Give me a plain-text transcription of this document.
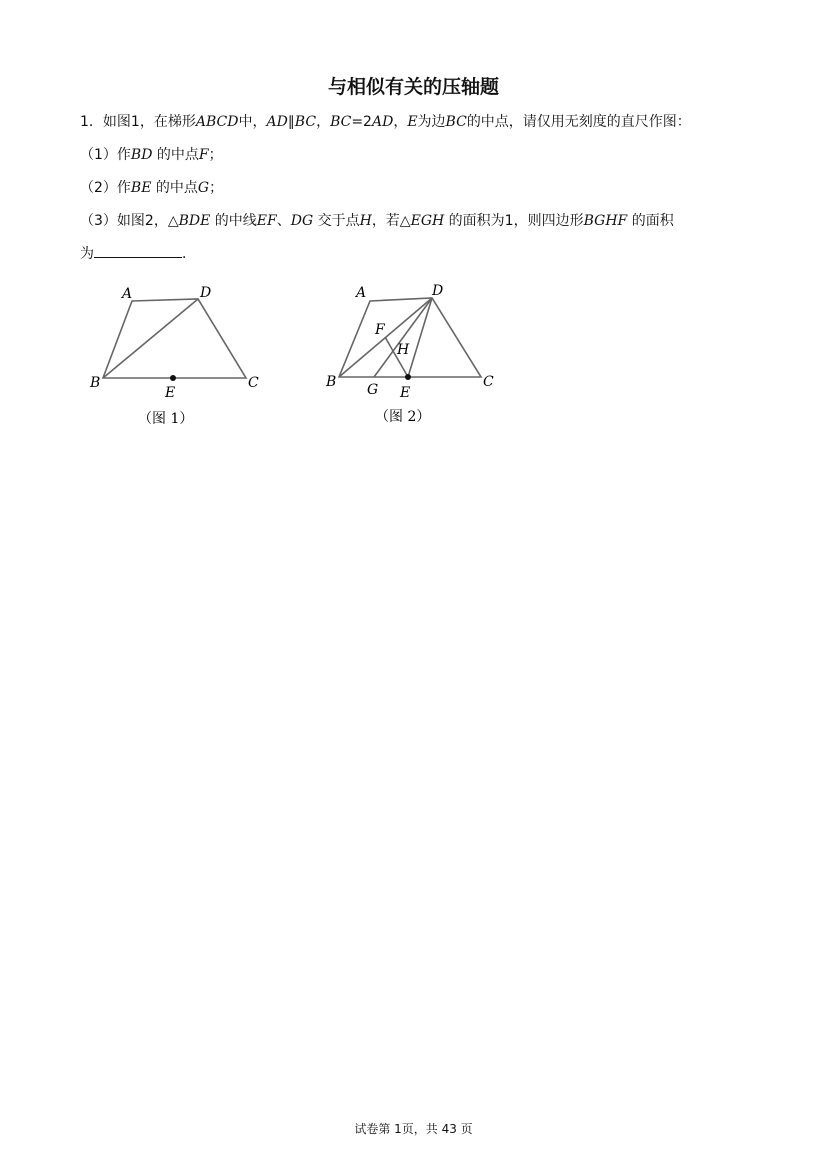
与相似有关的压轴题
1．如图1，在梯形ABCD中，AD∥BC，BC=2AD，E为边BC的中点，请仅用无刻度的直尺作图：
（1）作BD 的中点F；
（2）作BE 的中点G；
（3）如图2，△BDE 的中线EF、DG 交于点H，若△EGH 的面积为1，则四边形BGHF 的面积
为	．
A	D
B
E
C
（图 1）
A	D
F
H
B G E
C
（图 2）
试卷第 1页，共 43 页
